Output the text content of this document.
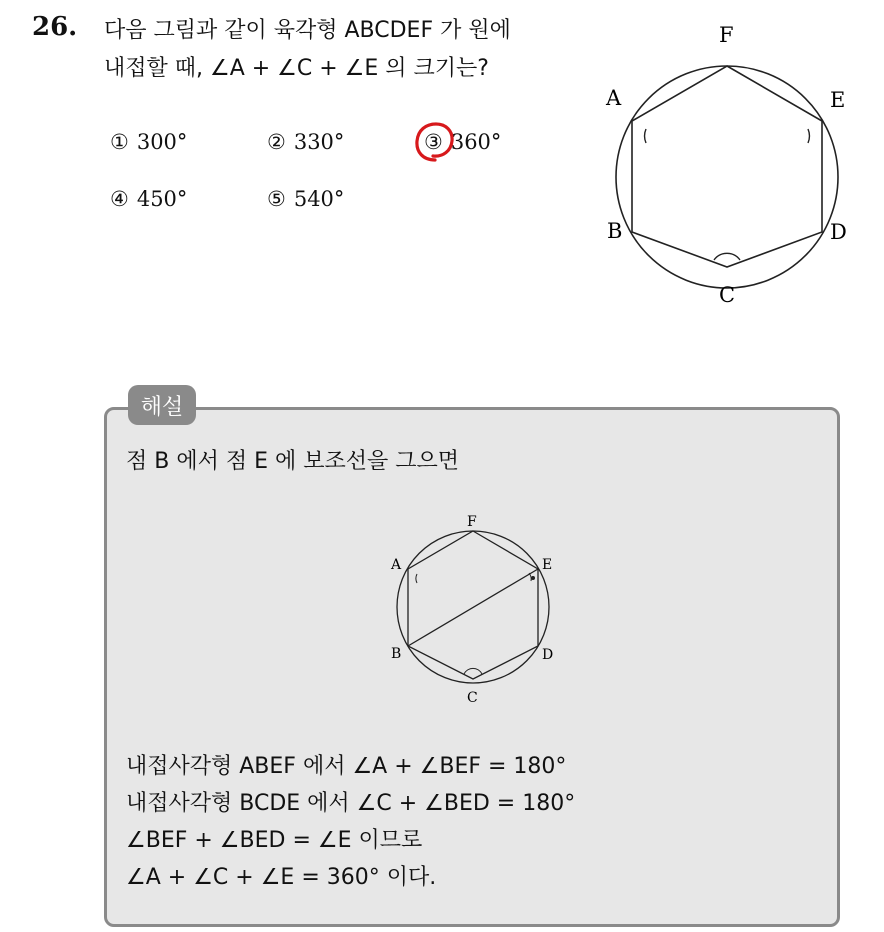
26. 다음 그림과 같이 육각형 ABCDEF 가 원에
내접할 때, ∠A + ∠C + ∠E 의 크기는?
① 300°	② 330°	③ 360°
④ 450°	⑤ 540°
F
A	E
B	D
C
해설
점 B 에서 점 E 에 보조선을 그으면
F
A	E
B	D
C
내접사각형 ABEF 에서 ∠A + ∠BEF = 180°
내접사각형 BCDE 에서 ∠C + ∠BED = 180°
∠BEF + ∠BED = ∠E 이므로
∠A + ∠C + ∠E = 360° 이다.
